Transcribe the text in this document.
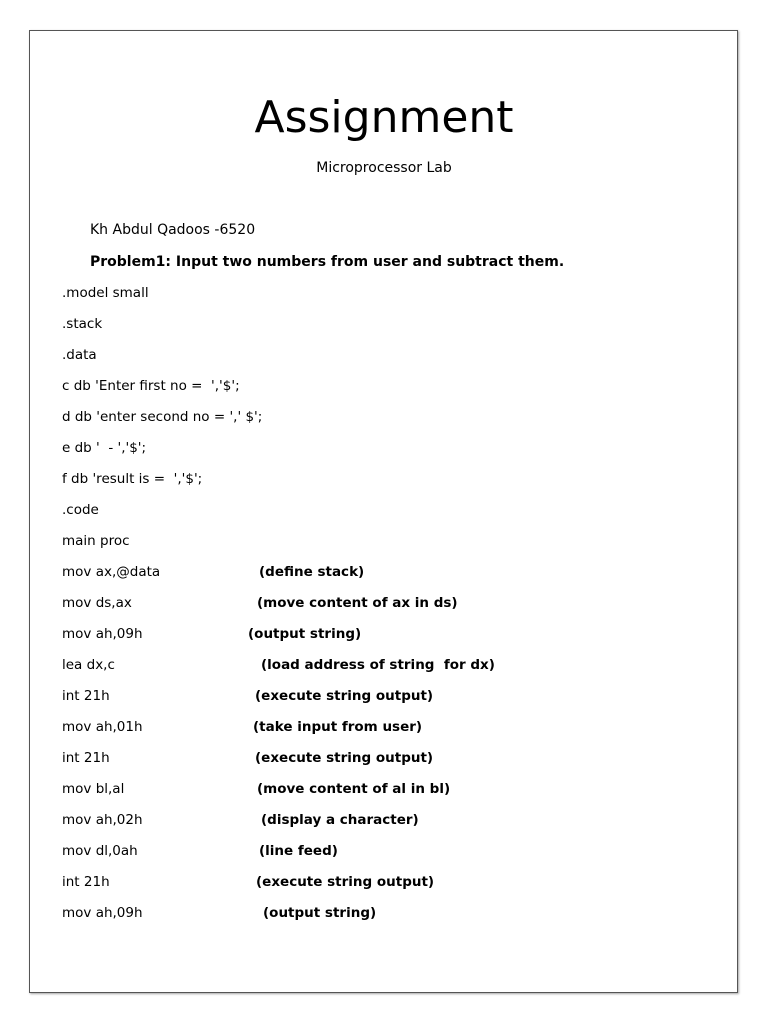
Assignment
Microprocessor Lab
Kh Abdul Qadoos -6520
Problem1: Input two numbers from user and subtract them.
.model small
.stack
.data
c db 'Enter first no =  ','$';
d db 'enter second no = ',' $';
e db '  - ','$';
f db 'result is =  ','$';
.code
main proc
mov ax,@data	(define stack)
mov ds,ax	(move content of ax in ds)
mov ah,09h	(output string)
lea dx,c	(load address of string  for dx)
int 21h	(execute string output)
mov ah,01h	(take input from user)
int 21h	(execute string output)
mov bl,al	(move content of al in bl)
mov ah,02h	(display a character)
mov dl,0ah	(line feed)
int 21h	(execute string output)
mov ah,09h	(output string)
